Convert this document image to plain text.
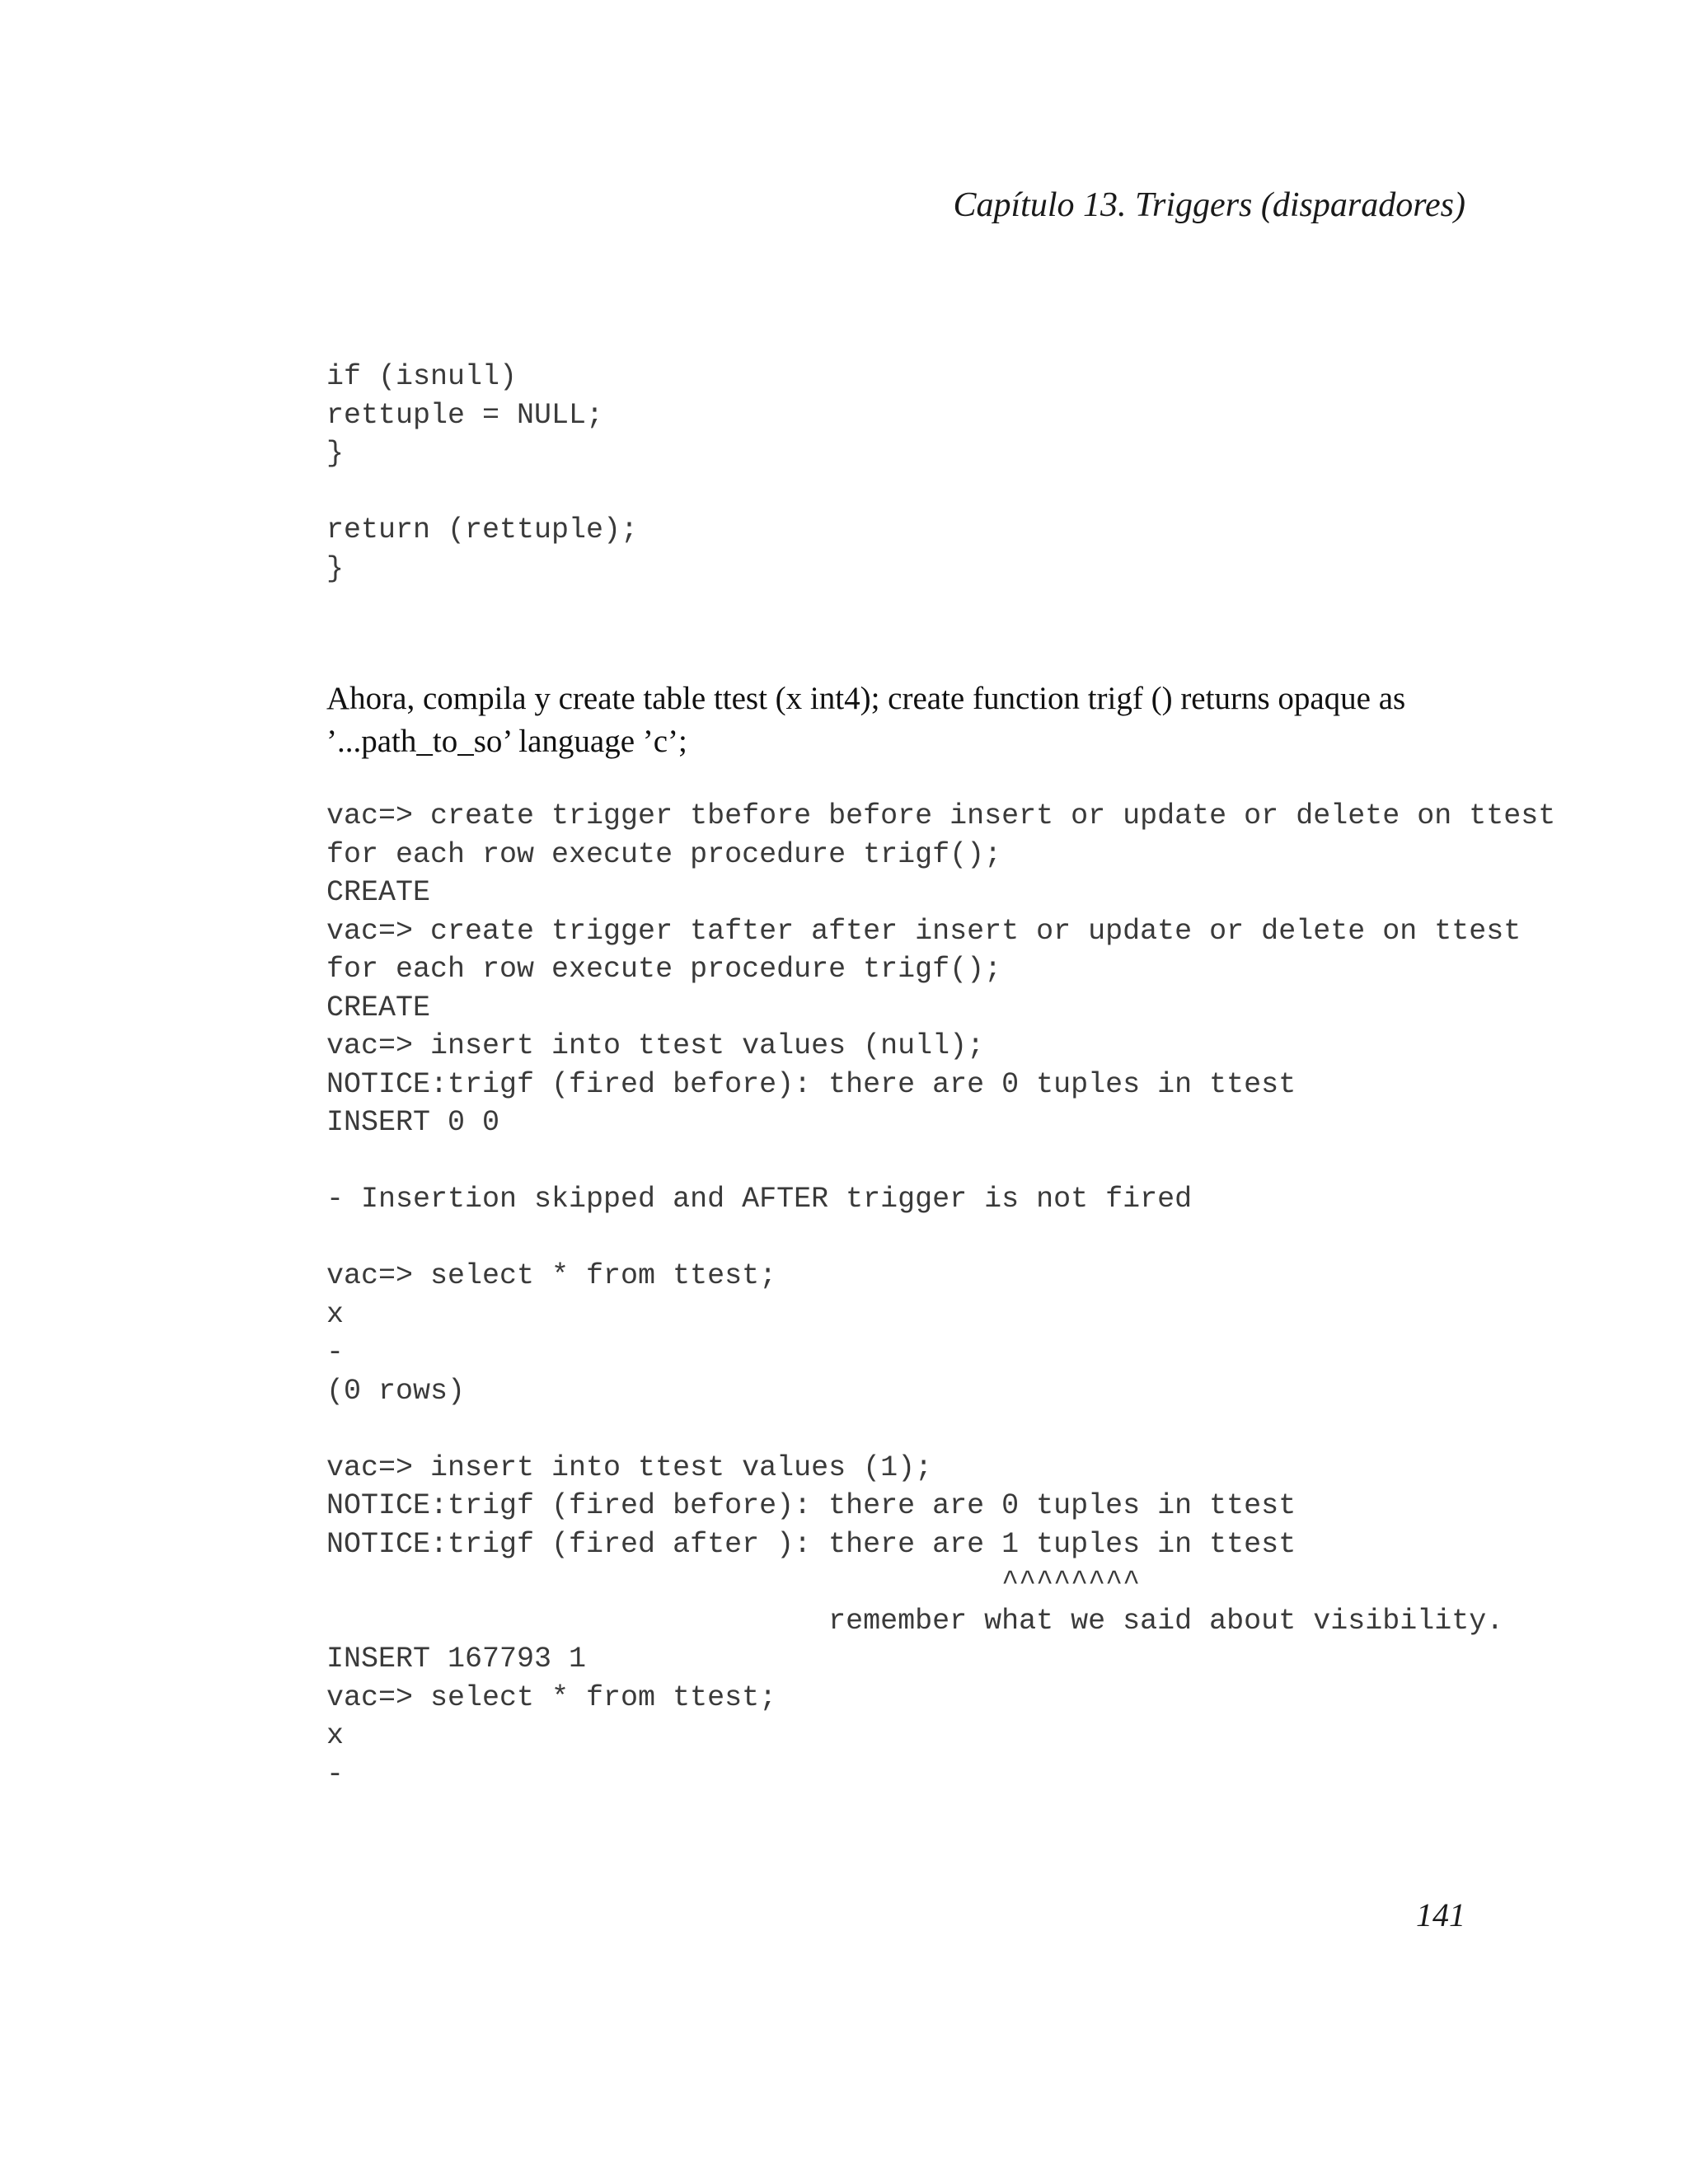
Capítulo 13. Triggers (disparadores)
if (isnull)
rettuple = NULL;
}
return (rettuple);
}

Ahora, compila y create table ttest (x int4); create function trigf () returns opaque as ’...path_to_so’ language ’c’;

vac=> create trigger tbefore before insert or update or delete on ttest
for each row execute procedure trigf();
CREATE
vac=> create trigger tafter after insert or update or delete on ttest
for each row execute procedure trigf();
CREATE
vac=> insert into ttest values (null);
NOTICE:trigf (fired before): there are 0 tuples in ttest
INSERT 0 0
- Insertion skipped and AFTER trigger is not fired
vac=> select * from ttest;
x
-
(0 rows)
vac=> insert into ttest values (1);
NOTICE:trigf (fired before): there are 0 tuples in ttest
NOTICE:trigf (fired after ): there are 1 tuples in ttest
^^^^^^^^
remember what we said about visibility.
INSERT 167793 1
vac=> select * from ttest;
x
-
141
